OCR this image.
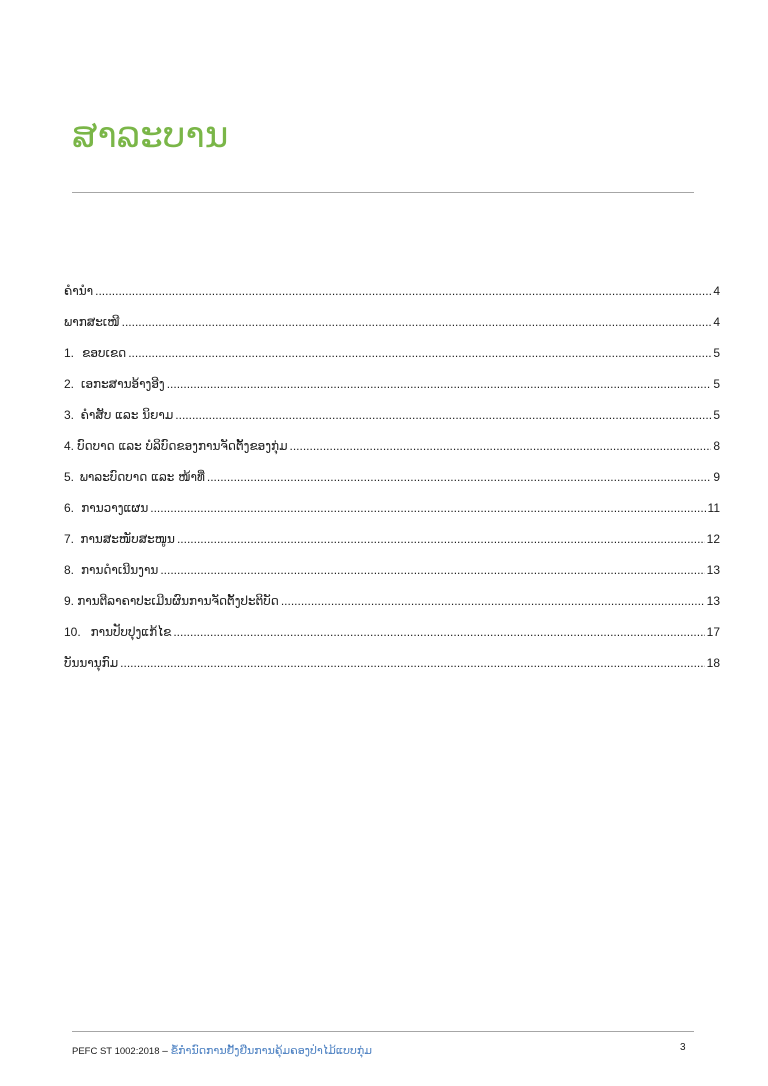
ສາລະບານ
ຄຳນຳ .....	4
ພາກສະເໜີ .....	4
1. ຂອບເຂດ .....	5
2. ເອກະສານອ້າງອີງ .....	5
3. ຄຳສັບ ແລະ ນິຍາມ .....	5
4. ບົດບາດ ແລະ ບໍລິບົດຂອງການຈັດຕັ້ງຂອງກຸ່ມ .....	8
5. ພາລະບົດບາດ ແລະ ໜ້າທີ່ .....	9
6. ການວາງແຜນ .....	11
7. ການສະໜັບສະໜູນ .....	12
8. ການດຳເນີນງານ .....	13
9. ການຕີລາຄາປະເມີນຜົນການຈັດຕັ້ງປະຕິບັດ .....	13
10. ການປັບປຸງແກ້ໄຂ .....	17
ບັນນານຸກົມ .....	18
PEFC ST 1002:2018 – ຂໍ້ກຳນົດການຢັ້ງຢືນການຄຸ້ມຄອງປ່າໄມ້ແບບກຸ່ມ	3
